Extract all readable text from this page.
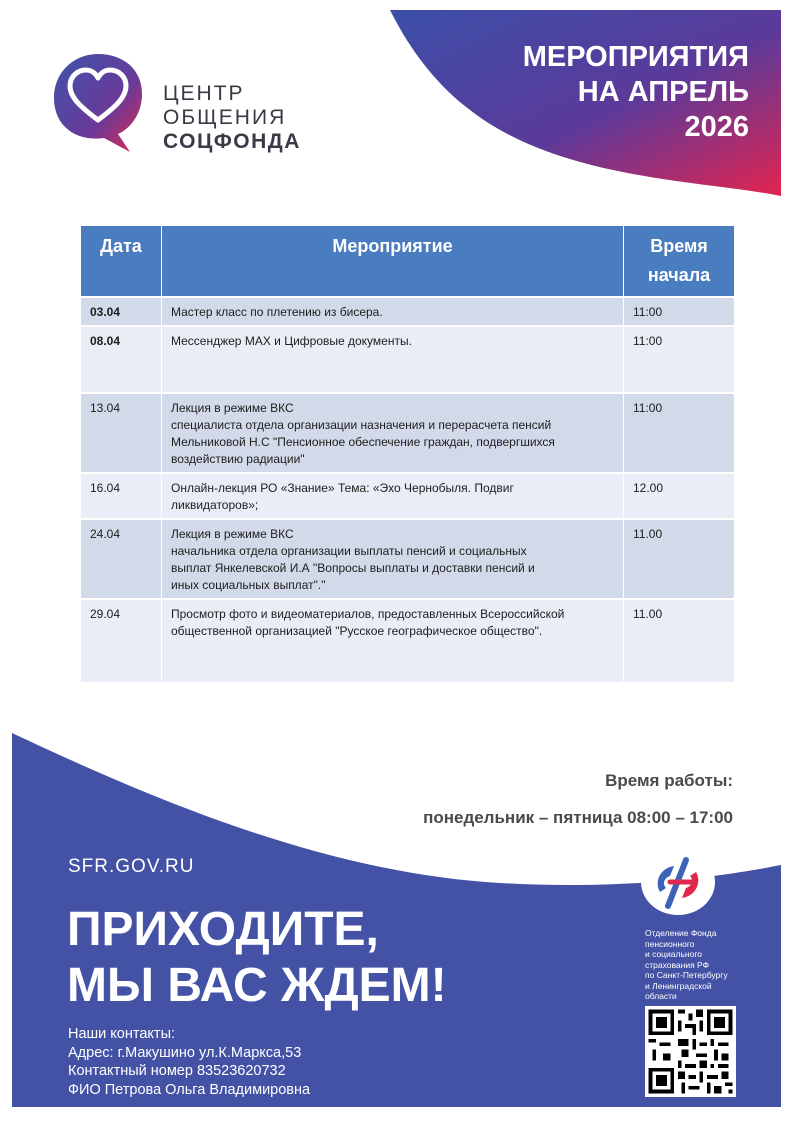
ЦЕНТР
ОБЩЕНИЯ
СОЦФОНДА
МЕРОПРИЯТИЯ
НА АПРЕЛЬ
2026
Дата	Мероприятие	Время
начала

03.04	Мастер класс по плетению из бисера.	11:00
08.04	Мессенджер МАХ и Цифровые документы.	11:00
13.04	Лекция в режиме ВКС
специалиста отдела организации назначения и перерасчета пенсий
Мельниковой Н.С "Пенсионное обеспечение граждан, подвергшихся
воздействию радиации"	11:00
16.04	Онлайн-лекция РО «Знание» Тема: «Эхо Чернобыля. Подвиг
ликвидаторов»;	12.00
24.04	Лекция в режиме ВКС
начальника отдела организации выплаты пенсий и социальных
выплат Янкелевской И.А "Вопросы выплаты и доставки пенсий и
иных социальных выплат"."	11.00
29.04	Просмотр фото и видеоматериалов, предоставленных Всероссийской
общественной организацией "Русское географическое общество".	11.00
Время работы:
понедельник – пятница 08:00 – 17:00
SFR.GOV.RU
ПРИХОДИТЕ,
МЫ ВАС ЖДЕМ!
Наши контакты:
Адрес: г.Макушино ул.К.Маркса,53
Контактный номер 83523620732
ФИО Петрова Ольга Владимировна
Отделение Фонда
пенсионного
и социального
страхования РФ
по Санкт-Петербургу
и Ленинградской
области
